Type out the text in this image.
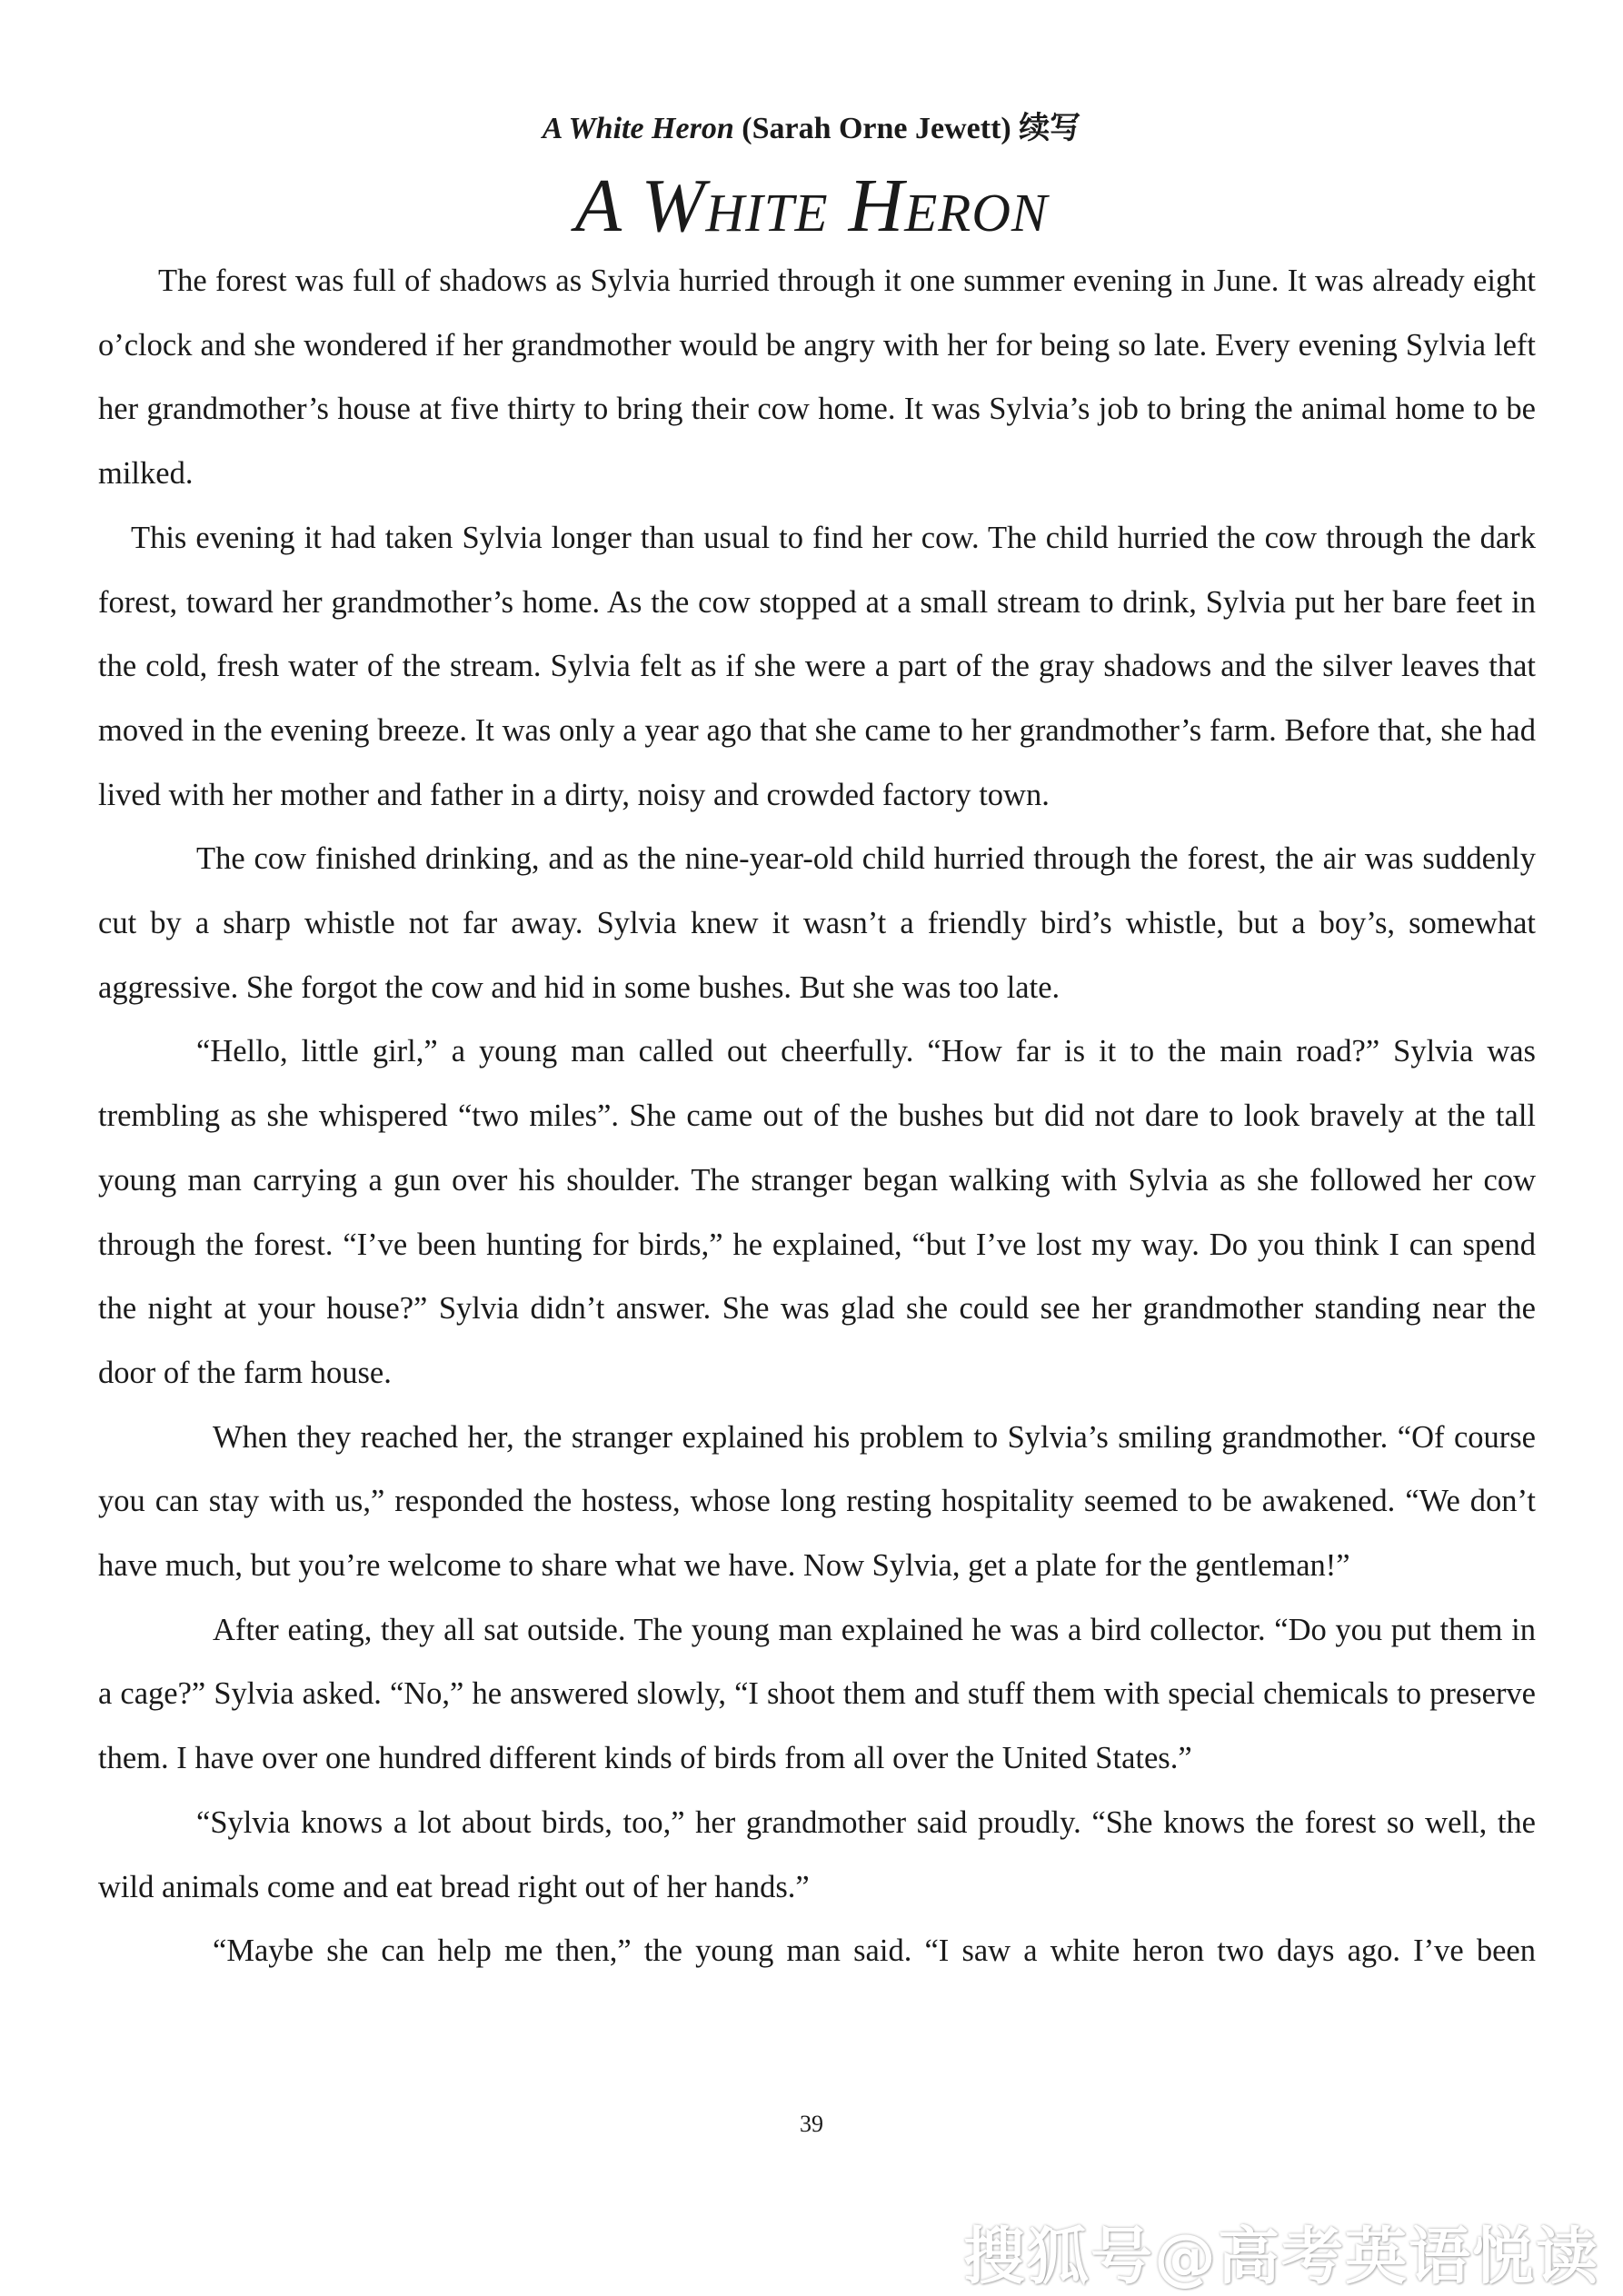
A White Heron (Sarah Orne Jewett) 续写
A White Heron

The forest was full of shadows as Sylvia hurried through it one summer evening in June. It was already eight o’clock and she wondered if her grandmother would be angry with her for being so late. Every evening Sylvia left her grandmother’s house at five thirty to bring their cow home. It was Sylvia’s job to bring the animal home to be milked.

This evening it had taken Sylvia longer than usual to find her cow. The child hurried the cow through the dark forest, toward her grandmother’s home. As the cow stopped at a small stream to drink, Sylvia put her bare feet in the cold, fresh water of the stream. Sylvia felt as if she were a part of the gray shadows and the silver leaves that moved in the evening breeze. It was only a year ago that she came to her grandmother’s farm. Before that, she had lived with her mother and father in a dirty, noisy and crowded factory town.

The cow finished drinking, and as the nine-year-old child hurried through the forest, the air was suddenly cut by a sharp whistle not far away. Sylvia knew it wasn’t a friendly bird’s whistle, but a boy’s, somewhat aggressive. She forgot the cow and hid in some bushes. But she was too late.

“Hello, little girl,” a young man called out cheerfully. “How far is it to the main road?” Sylvia was trembling as she whispered “two miles”. She came out of the bushes but did not dare to look bravely at the tall young man carrying a gun over his shoulder. The stranger began walking with Sylvia as she followed her cow through the forest. “I’ve been hunting for birds,” he explained, “but I’ve lost my way. Do you think I can spend the night at your house?” Sylvia didn’t answer. She was glad she could see her grandmother standing near the door of the farm house.

When they reached her, the stranger explained his problem to Sylvia’s smiling grandmother. “Of course you can stay with us,” responded the hostess, whose long resting hospitality seemed to be awakened. “We don’t have much, but you’re welcome to share what we have. Now Sylvia, get a plate for the gentleman!”

After eating, they all sat outside. The young man explained he was a bird collector. “Do you put them in a cage?” Sylvia asked. “No,” he answered slowly, “I shoot them and stuff them with special chemicals to preserve them. I have over one hundred different kinds of birds from all over the United States.”

“Sylvia knows a lot about birds, too,” her grandmother said proudly. “She knows the forest so well, the wild animals come and eat bread right out of her hands.”

“Maybe she can help me then,” the young man said. “I saw a white heron two days ago. I’ve been

39
搜狐号@高考英语悦读
